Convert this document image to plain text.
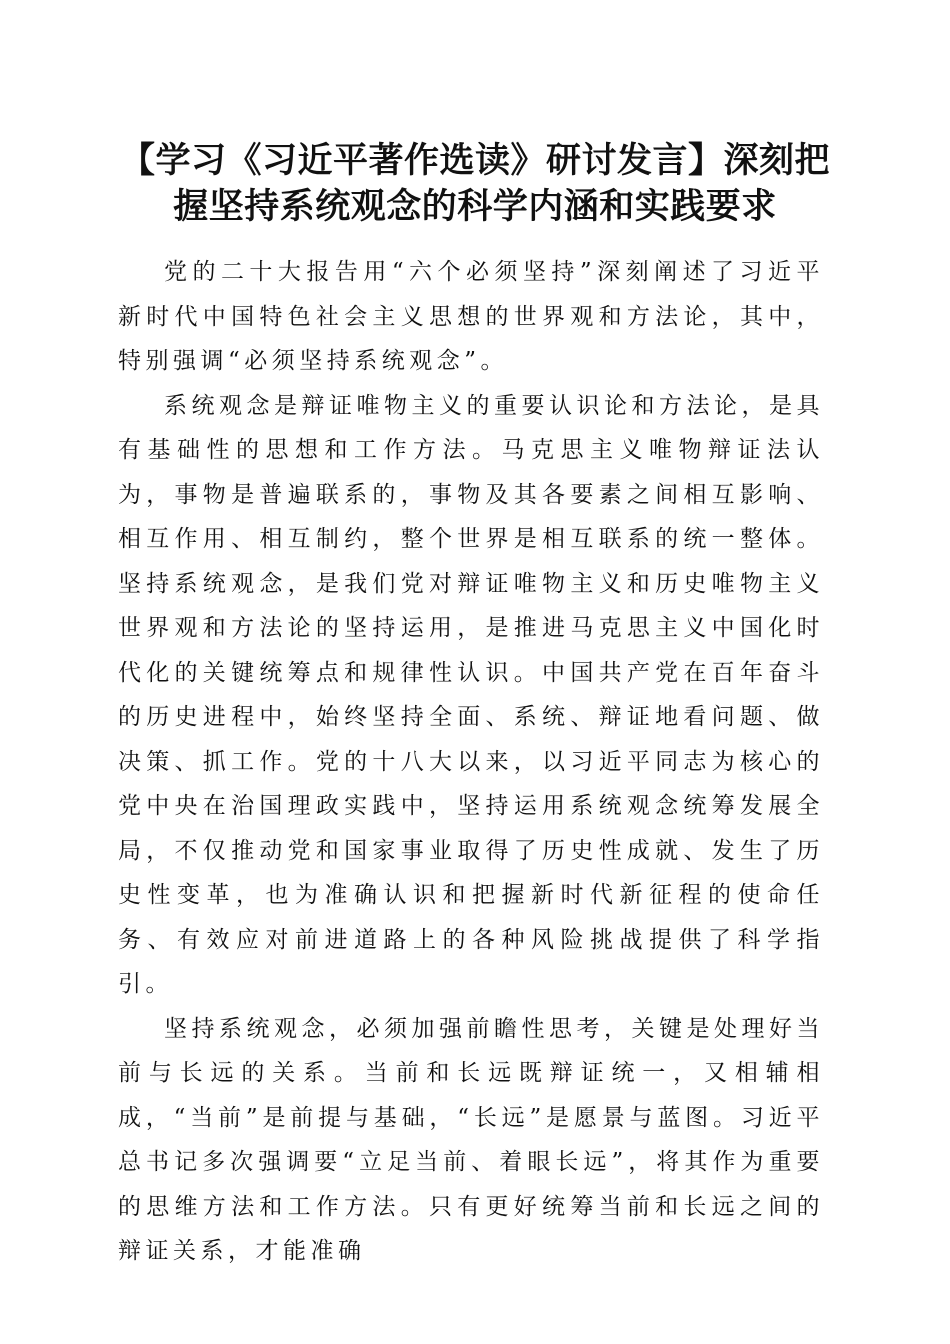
【学习《习近平著作选读》研讨发言】深刻把握坚持系统观念的科学内涵和实践要求

党的二十大报告用“六个必须坚持”深刻阐述了习近平新时代中国特色社会主义思想的世界观和方法论，其中，特别强调“必须坚持系统观念”。

系统观念是辩证唯物主义的重要认识论和方法论，是具有基础性的思想和工作方法。马克思主义唯物辩证法认为，事物是普遍联系的，事物及其各要素之间相互影响、相互作用、相互制约，整个世界是相互联系的统一整体。坚持系统观念，是我们党对辩证唯物主义和历史唯物主义世界观和方法论的坚持运用，是推进马克思主义中国化时代化的关键统筹点和规律性认识。中国共产党在百年奋斗的历史进程中，始终坚持全面、系统、辩证地看问题、做决策、抓工作。党的十八大以来，以习近平同志为核心的党中央在治国理政实践中，坚持运用系统观念统筹发展全局，不仅推动党和国家事业取得了历史性成就、发生了历史性变革，也为准确认识和把握新时代新征程的使命任务、有效应对前进道路上的各种风险挑战提供了科学指引。

坚持系统观念，必须加强前瞻性思考，关键是处理好当前与长远的关系。当前和长远既辩证统一，又相辅相成，“当前”是前提与基础，“长远”是愿景与蓝图。习近平总书记多次强调要“立足当前、着眼长远”，将其作为重要的思维方法和工作方法。只有更好统筹当前和长远之间的辩证关系，才能准确
